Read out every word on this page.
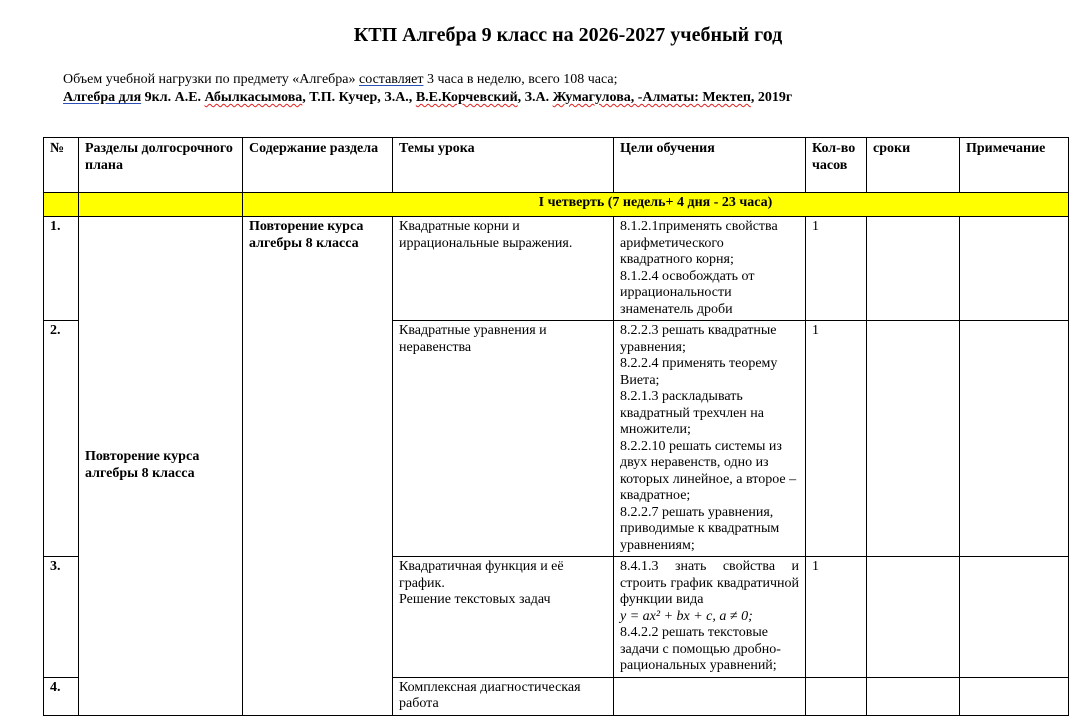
КТП Алгебра 9 класс на 2026-2027 учебный год
Объем учебной нагрузки по предмету «Алгебра» составляет 3 часа в неделю, всего 108 часа;
Алгебра для 9кл. А.Е. Абылкасымова, Т.П. Кучер, З.А., В.Е.Корчевский, З.А. Жумагулова, -Алматы: Мектеп, 2019г
№	Разделы долгосрочного плана	Содержание раздела	Темы урока	Цели обучения	Кол-во часов	сроки	Примечание
		I четверть (7 недель+ 4 дня - 23 часа)					
1.	Повторение курса алгебры 8 класса	Повторение курса алгебры 8 класса	Квадратные корни и иррациональные выражения.	8.1.2.1применять свойства арифметического квадратного корня;
8.1.2.4 освобождать от иррациональности знаменатель дроби	1		
2.			Квадратные уравнения и неравенства	8.2.2.3 решать квадратные уравнения;
8.2.2.4 применять теорему Виета;
8.2.1.3 раскладывать квадратный трехчлен на множители;
8.2.2.10 решать системы из двух неравенств, одно из которых линейное, а второе – квадратное;
8.2.2.7 решать уравнения, приводимые к квадратным уравнениям;	1		
3.			Квадратичная функция и её график.
Решение текстовых задач	8.4.1.3 знать свойства и строить график квадратичной функции вида
y = ax² + bx + c, a ≠ 0;
8.4.2.2 решать текстовые задачи с помощью дробно-рациональных уравнений;	1		
4.			Комплексная диагностическая работа				
